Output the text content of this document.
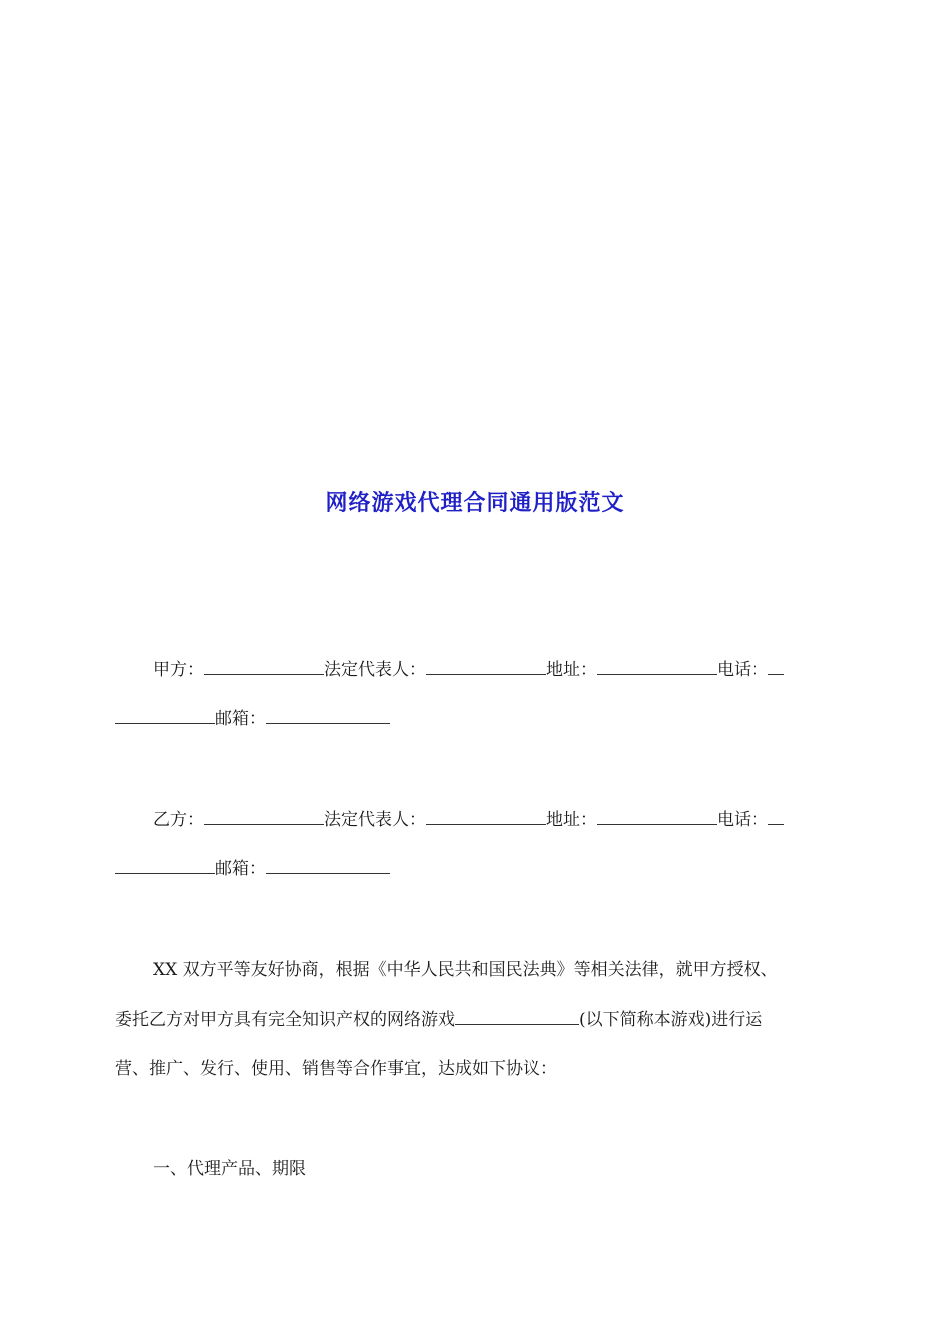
网络游戏代理合同通用版范文
甲方：	法定代表人：	地址：	电话：
邮箱：
乙方：	法定代表人：	地址：	电话：
邮箱：
XX 双方平等友好协商，根据《中华人民共和国民法典》等相关法律，就甲方授权、
委托乙方对甲方具有完全知识产权的网络游戏	(以下简称本游戏)进行运
营、推广、发行、使用、销售等合作事宜，达成如下协议：
一、代理产品、期限
